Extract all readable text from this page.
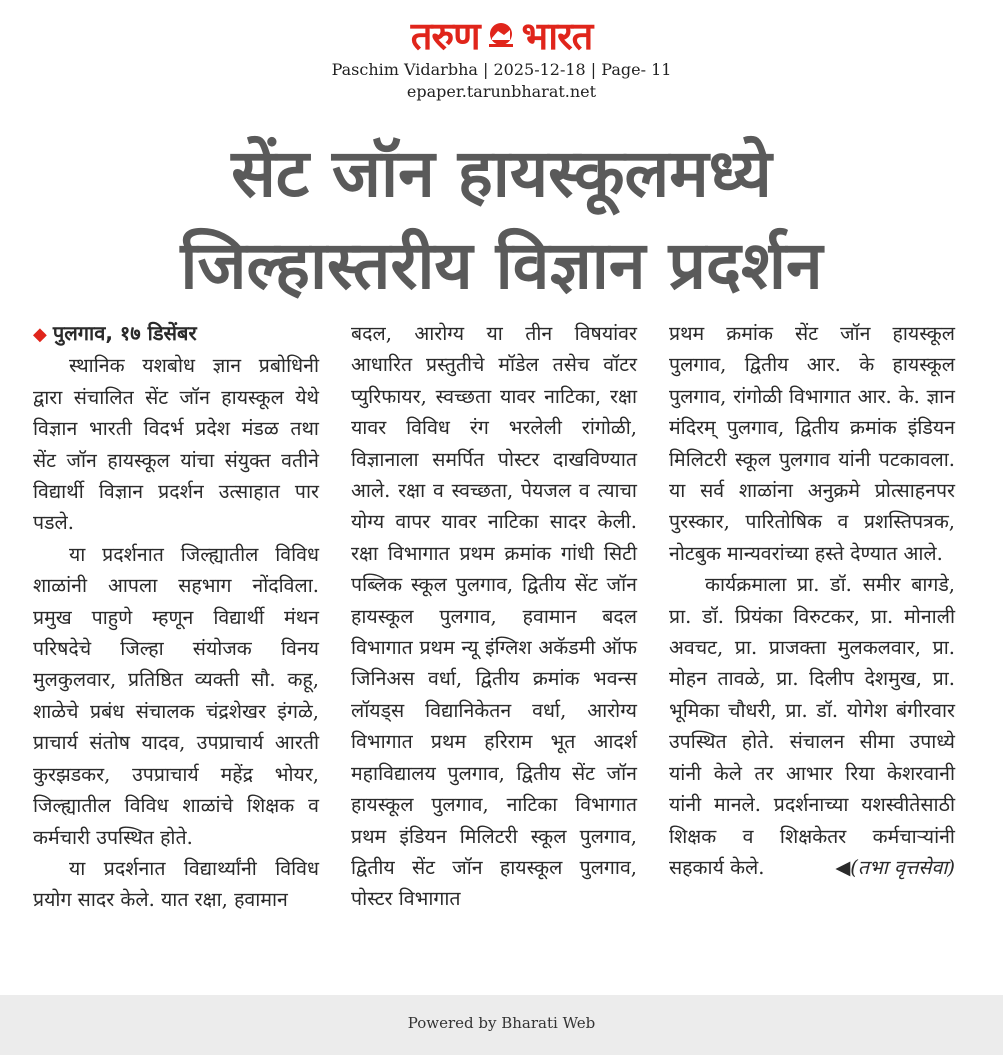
तरुण भारत
Paschim Vidarbha | 2025-12-18 | Page- 11
epaper.tarunbharat.net
सेंट जॉन हायस्कूलमध्ये
जिल्हास्तरीय विज्ञान प्रदर्शन

◆ पुलगाव, १७ डिसेंबर

स्थानिक यशबोध ज्ञान प्रबोधिनी द्वारा संचालित सेंट जॉन हायस्कूल येथे विज्ञान भारती विदर्भ प्रदेश मंडळ तथा सेंट जॉन हायस्कूल यांचा संयुक्त वतीने विद्यार्थी विज्ञान प्रदर्शन उत्साहात पार पडले.

या प्रदर्शनात जिल्ह्यातील विविध शाळांनी आपला सहभाग नोंदविला. प्रमुख पाहुणे म्हणून विद्यार्थी मंथन परिषदेचे जिल्हा संयोजक विनय मुलकुलवार, प्रतिष्ठित व्यक्ती सौ. कहू, शाळेचे प्रबंध संचालक चंद्रशेखर इंगळे, प्राचार्य संतोष यादव, उपप्राचार्य आरती कुरझडकर, उपप्राचार्य महेंद्र भोयर, जिल्ह्यातील विविध शाळांचे शिक्षक व कर्मचारी उपस्थित होते.

या प्रदर्शनात विद्यार्थ्यांनी विविध प्रयोग सादर केले. यात रक्षा, हवामान

बदल, आरोग्य या तीन विषयांवर आधारित प्रस्तुतीचे मॉडेल तसेच वॉटर प्युरिफायर, स्वच्छता यावर नाटिका, रक्षा यावर विविध रंग भरलेली रांगोळी, विज्ञानाला समर्पित पोस्टर दाखविण्यात आले. रक्षा व स्वच्छता, पेयजल व त्याचा योग्य वापर यावर नाटिका सादर केली. रक्षा विभागात प्रथम क्रमांक गांधी सिटी पब्लिक स्कूल पुलगाव, द्वितीय सेंट जॉन हायस्कूल पुलगाव, हवामान बदल विभागात प्रथम न्यू इंग्लिश अकॅडमी ऑफ जिनिअस वर्धा, द्वितीय क्रमांक भवन्स लॉयड्स विद्यानिकेतन वर्धा, आरोग्य विभागात प्रथम हरिराम भूत आदर्श महाविद्यालय पुलगाव, द्वितीय सेंट जॉन हायस्कूल पुलगाव, नाटिका विभागात प्रथम इंडियन मिलिटरी स्कूल पुलगाव, द्वितीय सेंट जॉन हायस्कूल पुलगाव, पोस्टर विभागात

प्रथम क्रमांक सेंट जॉन हायस्कूल पुलगाव, द्वितीय आर. के हायस्कूल पुलगाव, रांगोळी विभागात आर. के. ज्ञान मंदिरम् पुलगाव, द्वितीय क्रमांक इंडियन मिलिटरी स्कूल पुलगाव यांनी पटकावला. या सर्व शाळांना अनुक्रमे प्रोत्साहनपर पुरस्कार, पारितोषिक व प्रशस्तिपत्रक, नोटबुक मान्यवरांच्या हस्ते देण्यात आले.

कार्यक्रमाला प्रा. डॉ. समीर बागडे, प्रा. डॉ. प्रियंका विरुटकर, प्रा. मोनाली अवचट, प्रा. प्राजक्ता मुलकलवार, प्रा. मोहन तावळे, प्रा. दिलीप देशमुख, प्रा. भूमिका चौधरी, प्रा. डॉ. योगेश बंगीरवार उपस्थित होते. संचालन सीमा उपाध्ये यांनी केले तर आभार रिया केशरवानी यांनी मानले. प्रदर्शनाच्या यशस्वीतेसाठी शिक्षक व शिक्षकेतर कर्मचाऱ्यांनी सहकार्य केले.	◀(तभा वृत्तसेवा)

Powered by Bharati Web
